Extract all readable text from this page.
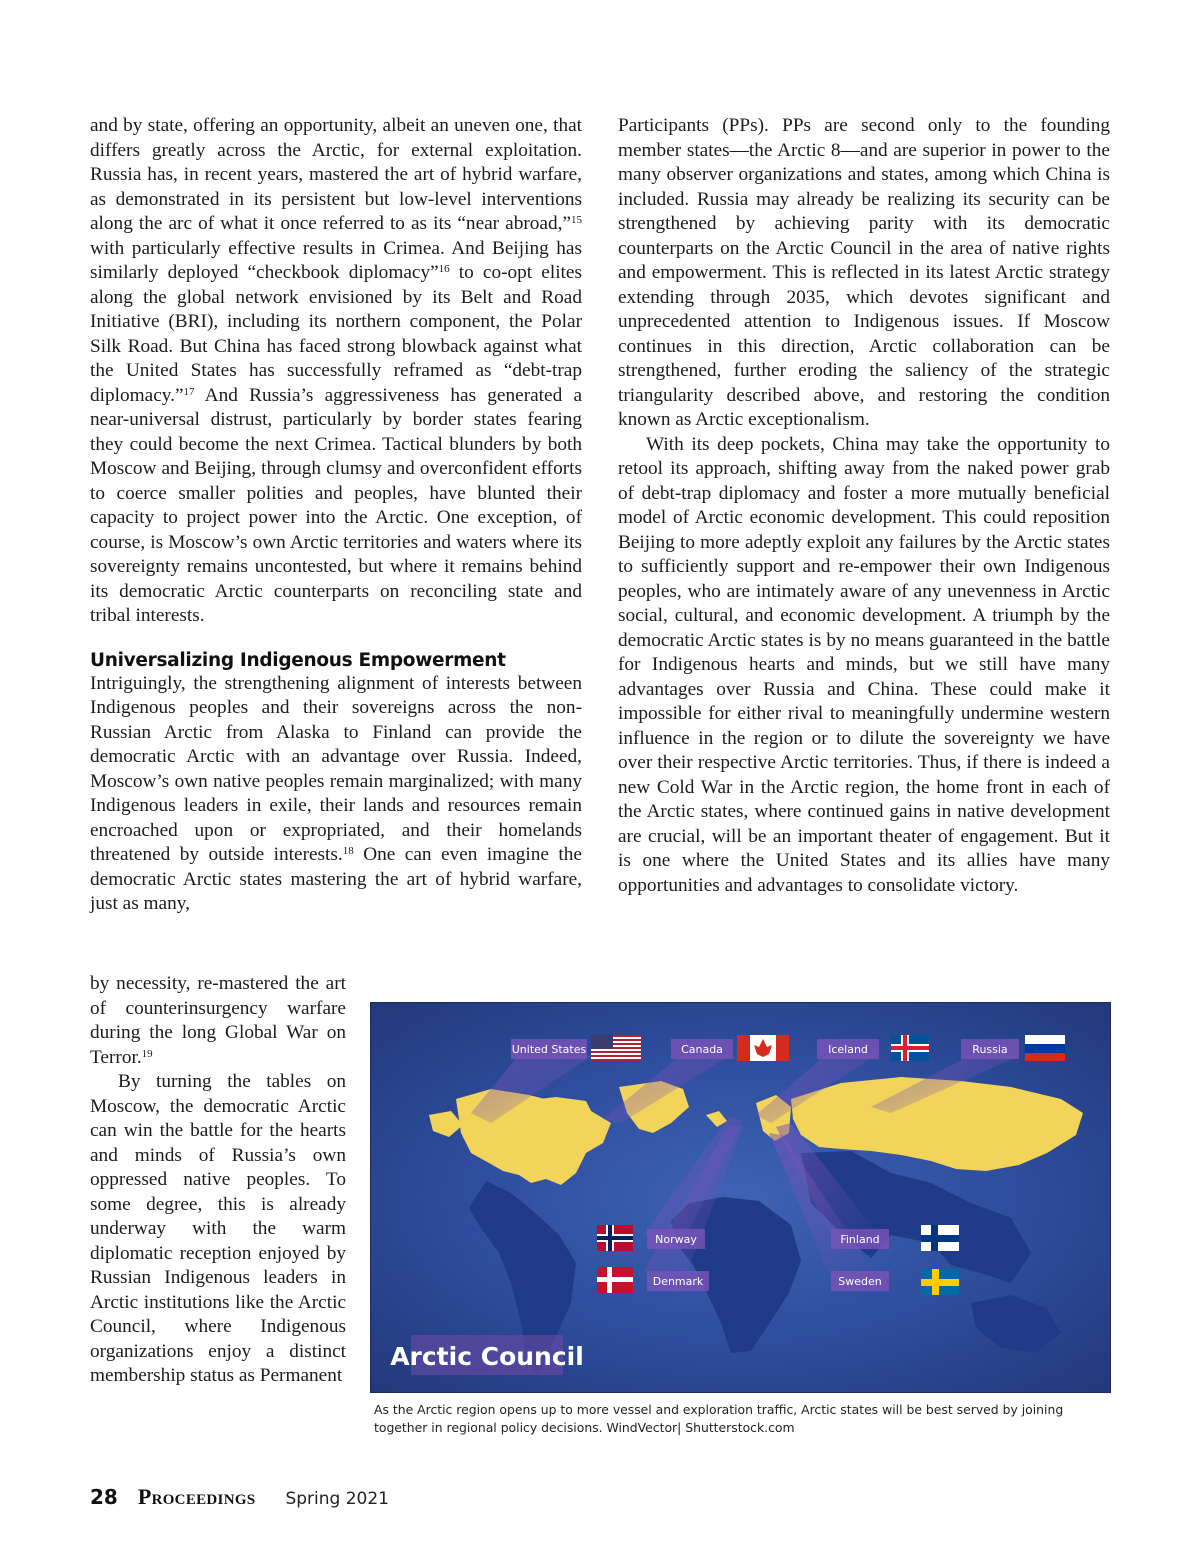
and by state, offering an opportunity, albeit an uneven one, that differs greatly across the Arctic, for external exploitation. Russia has, in recent years, mastered the art of hybrid warfare, as demonstrated in its persistent but low-level interventions along the arc of what it once referred to as its “near abroad,”$^{15}$ with particularly effective results in Crimea. And Beijing has similarly deployed “checkbook diplomacy”$^{16}$ to co-opt elites along the global network envisioned by its Belt and Road Initiative (BRI), including its northern component, the Polar Silk Road. But China has faced strong blowback against what the United States has successfully reframed as “debt-trap diplomacy.”$^{17}$ And Russia’s aggressiveness has generated a near-universal distrust, particularly by border states fearing they could become the next Crimea. Tactical blunders by both Moscow and Beijing, through clumsy and overconfident efforts to coerce smaller polities and peoples, have blunted their capacity to project power into the Arctic. One exception, of course, is Moscow’s own Arctic territories and waters where its sovereignty remains uncontested, but where it remains behind its democratic Arctic counterparts on reconciling state and tribal interests.

Universalizing Indigenous Empowerment

Intriguingly, the strengthening alignment of interests between Indigenous peoples and their sovereigns across the non-Russian Arctic from Alaska to Finland can provide the democratic Arctic with an advantage over Russia. Indeed, Moscow’s own native peoples remain marginalized; with many Indigenous leaders in exile, their lands and resources remain encroached upon or expropriated, and their homelands threatened by outside interests.$^{18}$ One can even imagine the democratic Arctic states mastering the art of hybrid warfare, just as many,

by necessity, re-mastered the art of counterinsurgency warfare during the long Global War on Terror.$^{19}$

By turning the tables on Moscow, the democratic Arctic can win the battle for the hearts and minds of Russia’s own oppressed native peoples. To some degree, this is already underway with the warm diplomatic reception enjoyed by Russian Indigenous leaders in Arctic institutions like the Arctic Council, where Indigenous organizations enjoy a distinct membership status as Permanent

Participants (PPs). PPs are second only to the founding member states—the Arctic 8—and are superior in power to the many observer organizations and states, among which China is included. Russia may already be realizing its security can be strengthened by achieving parity with its democratic counterparts on the Arctic Council in the area of native rights and empowerment. This is reflected in its latest Arctic strategy extending through 2035, which devotes significant and unprecedented attention to Indigenous issues. If Moscow continues in this direction, Arctic collaboration can be strengthened, further eroding the saliency of the strategic triangularity described above, and restoring the condition known as Arctic exceptionalism.

With its deep pockets, China may take the opportunity to retool its approach, shifting away from the naked power grab of debt-trap diplomacy and foster a more mutually beneficial model of Arctic economic development. This could reposition Beijing to more adeptly exploit any failures by the Arctic states to sufficiently support and re-empower their own Indigenous peoples, who are intimately aware of any unevenness in Arctic social, cultural, and economic development. A triumph by the democratic Arctic states is by no means guaranteed in the battle for Indigenous hearts and minds, but we still have many advantages over Russia and China. These could make it impossible for either rival to meaningfully undermine western influence in the region or to dilute the sovereignty we have over their respective Arctic territories. Thus, if there is indeed a new Cold War in the Arctic region, the home front in each of the Arctic states, where continued gains in native development are crucial, will be an important theater of engagement. But it is one where the United States and its allies have many opportunities and advantages to consolidate victory.

United States	Canada	Iceland	Russia
Norway
Denmark
Finland
Sweden
Arctic Council
As the Arctic region opens up to more vessel and exploration traffic, Arctic states will be best served by joining together in regional policy decisions. WindVector| Shutterstock.com
28 Proceedings Spring 2021
